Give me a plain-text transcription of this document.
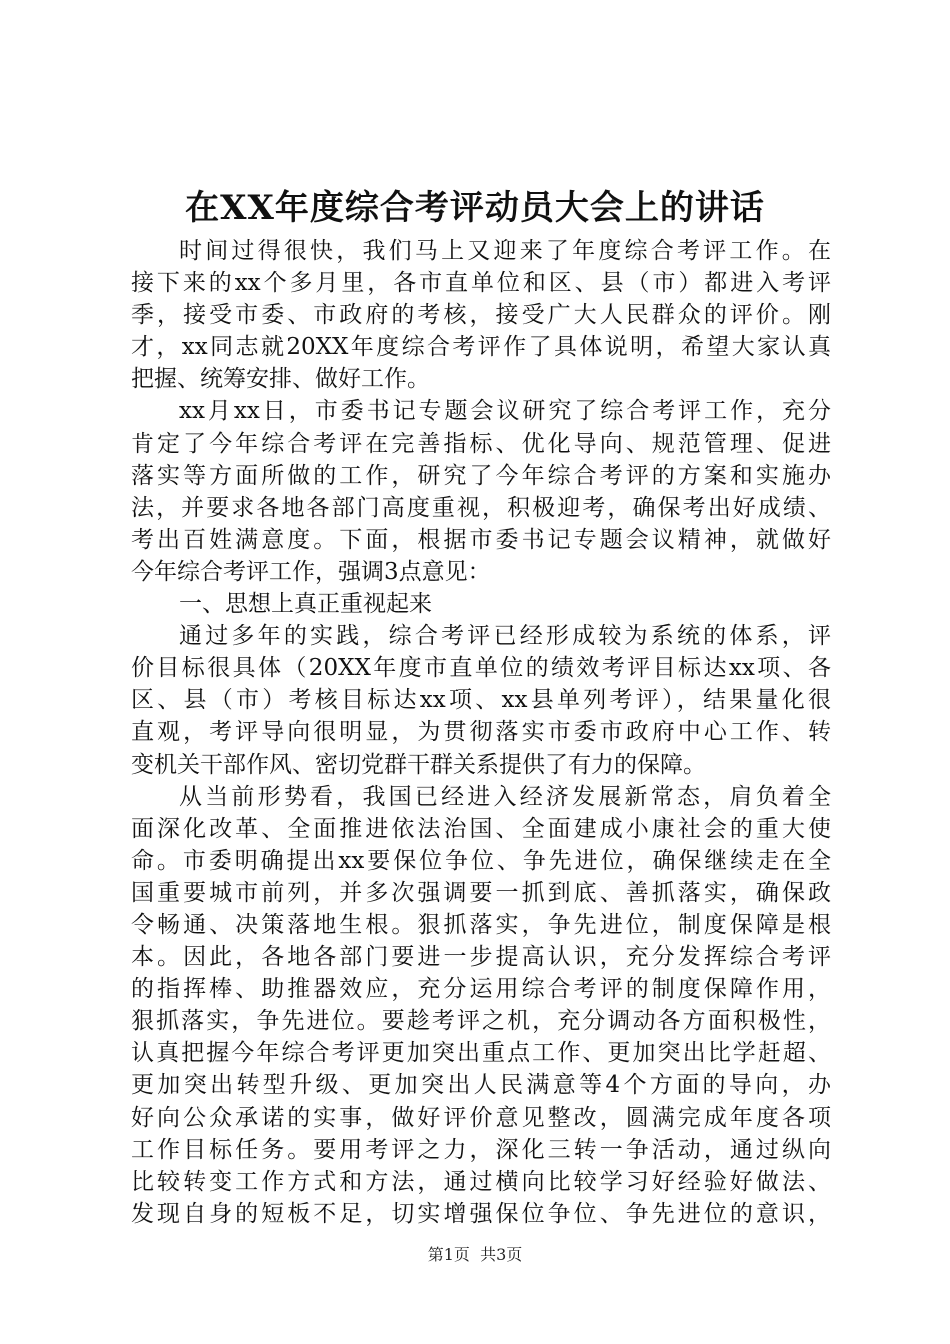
在XX年度综合考评动员大会上的讲话
时间过得很快，我们马上又迎来了年度综合考评工作。在
接下来的xx个多月里，各市直单位和区、县（市）都进入考评
季，接受市委、市政府的考核，接受广大人民群众的评价。刚
才，xx同志就20XX年度综合考评作了具体说明，希望大家认真
把握、统筹安排、做好工作。
xx月xx日，市委书记专题会议研究了综合考评工作，充分
肯定了今年综合考评在完善指标、优化导向、规范管理、促进
落实等方面所做的工作，研究了今年综合考评的方案和实施办
法，并要求各地各部门高度重视，积极迎考，确保考出好成绩、
考出百姓满意度。下面，根据市委书记专题会议精神，就做好
今年综合考评工作，强调3点意见：
一、思想上真正重视起来
通过多年的实践，综合考评已经形成较为系统的体系，评
价目标很具体（20XX年度市直单位的绩效考评目标达xx项、各
区、县（市）考核目标达xx项、xx县单列考评），结果量化很
直观，考评导向很明显，为贯彻落实市委市政府中心工作、转
变机关干部作风、密切党群干群关系提供了有力的保障。
从当前形势看，我国已经进入经济发展新常态，肩负着全
面深化改革、全面推进依法治国、全面建成小康社会的重大使
命。市委明确提出xx要保位争位、争先进位，确保继续走在全
国重要城市前列，并多次强调要一抓到底、善抓落实，确保政
令畅通、决策落地生根。狠抓落实，争先进位，制度保障是根
本。因此，各地各部门要进一步提高认识，充分发挥综合考评
的指挥棒、助推器效应，充分运用综合考评的制度保障作用，
狠抓落实，争先进位。要趁考评之机，充分调动各方面积极性，
认真把握今年综合考评更加突出重点工作、更加突出比学赶超、
更加突出转型升级、更加突出人民满意等4个方面的导向，办
好向公众承诺的实事，做好评价意见整改，圆满完成年度各项
工作目标任务。要用考评之力，深化三转一争活动，通过纵向
比较转变工作方式和方法，通过横向比较学习好经验好做法、
发现自身的短板不足，切实增强保位争位、争先进位的意识，
第1页  共3页
